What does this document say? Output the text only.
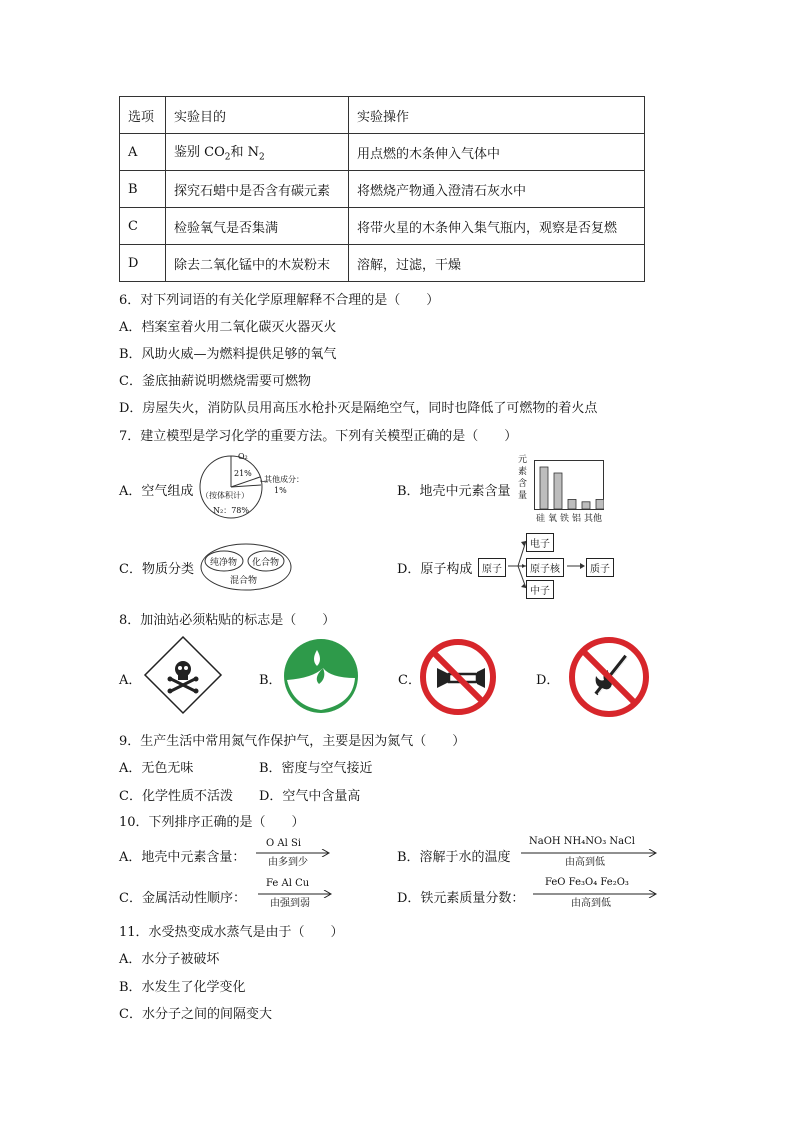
选项	实验目的	实验操作
A	鉴别 $CO_2$和 $N_2$	用点燃的木条伸入气体中
B	探究石蜡中是否含有碳元素	将燃烧产物通入澄清石灰水中
C	检验氧气是否集满	将带火星的木条伸入集气瓶内，观察是否复燃
D	除去二氧化锰中的木炭粉末	溶解，过滤，干燥
6．对下列词语的有关化学原理解释不合理的是（　　）
A．档案室着火用二氧化碳灭火器灭火
B．风助火威—为燃料提供足够的氧气
C．釜底抽薪说明燃烧需要可燃物
D．房屋失火，消防队员用高压水枪扑灭是隔绝空气，同时也降低了可燃物的着火点
7．建立模型是学习化学的重要方法。下列有关模型正确的是（　　）
A．空气组成
O₂
21%
其他成分：
1%
（按体积计）
N₂：78%
B．地壳中元素含量
元
素
含
量
硅 氧 铁 铝 其他
C．物质分类 纯净物 化合物
混合物
D．原子构成 原子
电子
原子核
中子
质子
8．加油站必须粘贴的标志是（　　）
A．	B．	C．	D．
9．生产生活中常用氮气作保护气，主要是因为氮气（　　）
A．无色无味	B．密度与空气接近
C．化学性质不活泼 D．空气中含量高
10．下列排序正确的是（　　）
A．地壳中元素含量：
O Al Si
由多到少	B．溶解于水的温度
NaOH NH₄NO₃ NaCl
由高到低
C．金属活动性顺序：
Fe Al Cu
由强到弱	D．铁元素质量分数：
FeO Fe₃O₄ Fe₂O₃
由高到低
11．水受热变成水蒸气是由于（　　）
A．水分子被破坏
B．水发生了化学变化
C．水分子之间的间隔变大
